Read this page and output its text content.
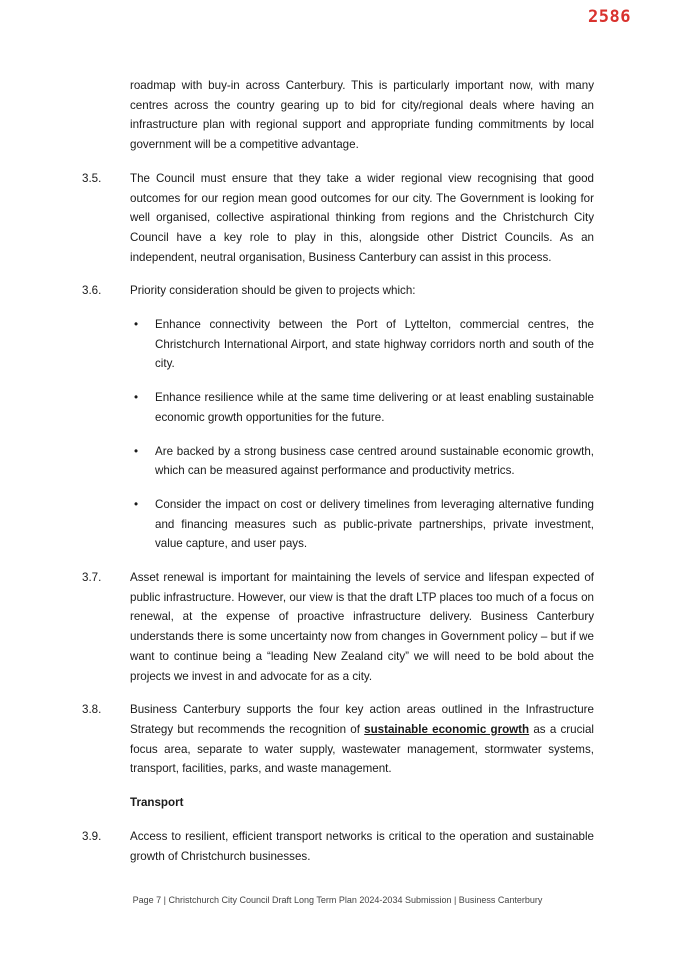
2586
roadmap with buy-in across Canterbury. This is particularly important now, with many centres across the country gearing up to bid for city/regional deals where having an infrastructure plan with regional support and appropriate funding commitments by local government will be a competitive advantage.
3.5. The Council must ensure that they take a wider regional view recognising that good outcomes for our region mean good outcomes for our city. The Government is looking for well organised, collective aspirational thinking from regions and the Christchurch City Council have a key role to play in this, alongside other District Councils. As an independent, neutral organisation, Business Canterbury can assist in this process.
3.6. Priority consideration should be given to projects which:
• Enhance connectivity between the Port of Lyttelton, commercial centres, the Christchurch International Airport, and state highway corridors north and south of the city.
• Enhance resilience while at the same time delivering or at least enabling sustainable economic growth opportunities for the future.
• Are backed by a strong business case centred around sustainable economic growth, which can be measured against performance and productivity metrics.
• Consider the impact on cost or delivery timelines from leveraging alternative funding and financing measures such as public-private partnerships, private investment, value capture, and user pays.
3.7. Asset renewal is important for maintaining the levels of service and lifespan expected of public infrastructure. However, our view is that the draft LTP places too much of a focus on renewal, at the expense of proactive infrastructure delivery. Business Canterbury understands there is some uncertainty now from changes in Government policy – but if we want to continue being a “leading New Zealand city” we will need to be bold about the projects we invest in and advocate for as a city.
3.8. Business Canterbury supports the four key action areas outlined in the Infrastructure Strategy but recommends the recognition of sustainable economic growth as a crucial focus area, separate to water supply, wastewater management, stormwater systems, transport, facilities, parks, and waste management.
Transport
3.9. Access to resilient, efficient transport networks is critical to the operation and sustainable growth of Christchurch businesses.
Page 7 | Christchurch City Council Draft Long Term Plan 2024-2034 Submission | Business Canterbury
